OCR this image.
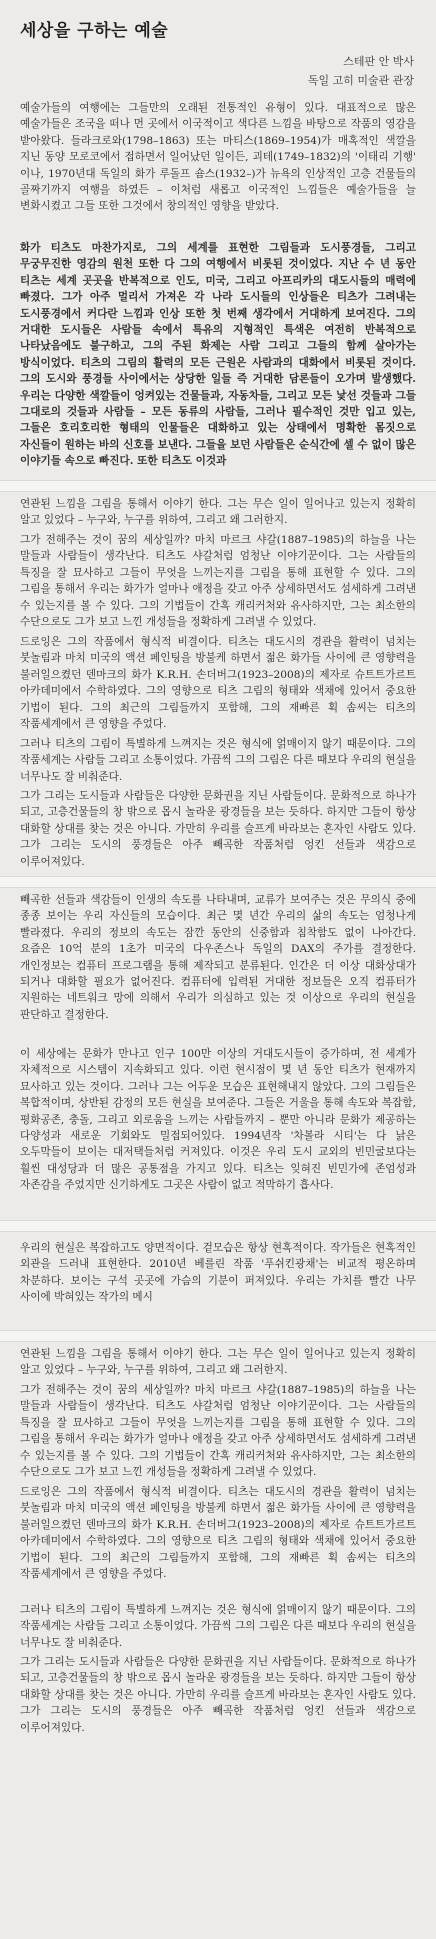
세상을 구하는 예술
스테판 안 박사
독일 고히 미술관 관장
예술가들의 여행에는 그들만의 오래된 전통적인 유형이 있다. 대표적으로 많은 예술가들은 조국을 떠나 먼 곳에서 이국적이고 색다른 느낌을 바탕으로 작품의 영감을 받아왔다. 들라크로와(1798–1863) 또는 마티스(1869–1954)가 매혹적인 색깔을 지닌 동양 모로코에서 접하면서 일어났던 일이든, 괴테(1749–1832)의 '이태리 기행' 이나, 1970년대 독일의 화가 루돌프 숌스(1932–)가 뉴욕의 인상적인 고층 건물들의 골짜기까지 여행을 하였든 – 이처럼 새롭고 이국적인 느낌들은 예술가들을 늘 변화시켰고 그들 또한 그것에서 창의적인 영향을 받았다.
화가 티츠도 마찬가지로, 그의 세계를 표현한 그림들과 도시풍경들, 그리고 무궁무진한 영감의 원천 또한 다 그의 여행에서 비롯된 것이었다. 지난 수 년 동안 티츠는 세계 곳곳을 반복적으로 인도, 미국, 그리고 아프리카의 대도시들의 매력에 빠졌다. 그가 아주 멀리서 가져온 각 나라 도시들의 인상들은 티츠가 그려내는 도시풍경에서 커다란 느낌과 인상 또한 첫 번째 생각에서 거대하게 보여진다. 그의 거대한 도시들은 사람들 속에서 특유의 지형적인 특색은 여전히 반복적으로 나타났음에도 불구하고, 그의 주된 화제는 사람 그리고 그들의 함께 살아가는 방식이었다. 티츠의 그림의 활력의 모든 근원은 사람과의 대화에서 비롯된 것이다. 그의 도시와 풍경들 사이에서는 상당한 일들 즉 거대한 담론들이 오가며 발생했다. 우리는 다양한 색깔들이 엉켜있는 건물들과, 자동차들, 그리고 모든 낯선 것들과 그들 그대로의 것들과 사람들 – 모든 동류의 사람들, 그러나 필수적인 것만 입고 있는, 그들은 호리호리한 형태의 인물들은 대화하고 있는 상태에서 명확한 몸짓으로 자신들이 원하는 바의 신호를 보낸다. 그들을 보던 사람들은 순식간에 셀 수 없이 많은 이야기들 속으로 빠진다. 또한 티츠도 이것과
연관된 느낌을 그림을 통해서 이야기 한다. 그는 무슨 일이 일어나고 있는지 정확히 알고 있었다 – 누구와, 누구를 위하여, 그리고 왜 그러한지.
그가 전해주는 것이 꿈의 세상일까? 마치 마르크 샤갈(1887–1985)의 하늘을 나는 말들과 사람들이 생각난다. 티츠도 샤갈처럼 엄청난 이야기꾼이다. 그는 사람들의 특징을 잘 묘사하고 그들이 무엇을 느끼는지를 그림을 통해 표현할 수 있다. 그의 그림을 통해서 우리는 화가가 얼마나 애정을 갖고 아주 상세하면서도 섬세하게 그려낸 수 있는지를 볼 수 있다. 그의 기법들이 간혹 캐리커처와 유사하지만, 그는 최소한의 수단으로도 그가 보고 느낀 개성들을 정확하게 그려낼 수 있었다.
드로잉은 그의 작품에서 형식적 비결이다. 티츠는 대도시의 경관을 활력이 넘치는 붓놀림과 마치 미국의 액션 페인팅을 방불케 하면서 젊은 화가들 사이에 큰 영향력을 불러일으켰던 덴마크의 화가 K.R.H. 손더버그(1923–2008)의 제자로 슈트트가르트 아카데미에서 수학하였다. 그의 영향으로 티츠 그림의 형태와 색채에 있어서 중요한 기법이 된다. 그의 최근의 그림들까지 포함해, 그의 재빠른 획 솜씨는 티츠의 작품세계에서 큰 영향을 주었다.
그러나 티츠의 그림이 특별하게 느껴지는 것은 형식에 얽매이지 않기 때문이다. 그의 작품세계는 사람들 그리고 소통이었다. 가끔씩 그의 그림은 다른 때보다 우리의 현실을 너무나도 잘 비춰준다.
그가 그리는 도시들과 사람들은 다양한 문화권을 지닌 사람들이다. 문화적으로 하나가 되고, 고층건물들의 창 밖으로 몹시 놀라운 광경들을 보는 듯하다. 하지만 그들이 항상 대화할 상대를 찾는 것은 아니다. 가만히 우리를 슬프게 바라보는 혼자인 사람도 있다. 그가 그리는 도시의 풍경들은 아주 빼곡한 작품처럼 엉킨 선들과 색감으로 이루어져있다.
빼곡한 선들과 색감들이 인생의 속도를 나타내며, 교류가 보여주는 것은 무의식 중에 종종 보이는 우리 자신들의 모습이다. 최근 몇 년간 우리의 삶의 속도는 엄청나게 빨라졌다. 우리의 정보의 속도는 잠깐 동안의 신중함과 침착함도 없이 나아간다. 요즘은 10억 분의 1초가 미국의 다우존스나 독일의 DAX의 주가를 결정한다. 개인정보는 컴퓨터 프로그램을 통해 제작되고 분류된다. 인간은 더 이상 대화상대가 되거나 대화할 필요가 없어진다. 컴퓨터에 입력된 거대한 정보들은 오직 컴퓨터가 지원하는 네트워크 망에 의해서 우리가 의심하고 있는 것 이상으로 우리의 현실을 판단하고 결정한다.
이 세상에는 문화가 만나고 인구 100만 이상의 거대도시들이 증가하며, 전 세계가 자체적으로 시스템이 지속화되고 있다. 이런 현시점이 몇 년 동안 티츠가 현재까지 묘사하고 있는 것이다. 그러나 그는 어두운 모습은 표현해내지 않았다. 그의 그림들은 복합적이며, 상반된 감정의 모든 현실을 보여준다. 그들은 거울을 통해 속도와 복잡함, 평화공존, 충돌, 그리고 외로움을 느끼는 사람들까지 – 뿐만 아니라 문화가 제공하는 다양성과 새로운 기회와도 밀접되어있다. 1994년작 '차볼라 시티'는 다 낡은 오두막들이 보이는 대저택들처럼 커져있다. 이것은 우리 도시 교외의 빈민굴보다는 훨씬 대성당과 더 많은 공통점을 가지고 있다. 티츠는 잊혀진 빈민가에 존엄성과 자존감을 주었지만 신기하게도 그곳은 사람이 없고 적막하기 흡사다.
우리의 현실은 복잡하고도 양면적이다. 겉모습은 항상 현혹적이다. 작가들은 현혹적인 외관을 드러내 표현한다. 2010년 베를린 작품 '푸쉬킨광채'는 비교적 평온하며 차분하다. 보이는 구석 곳곳에 가슴의 기분이 퍼져있다. 우리는 가치를 빨간 나무 사이에 박혀있는 작가의 메시
연관된 느낌을 그림을 통해서 이야기 한다. 그는 무슨 일이 일어나고 있는지 정확히 알고 있었다 – 누구와, 누구를 위하여, 그리고 왜 그러한지.
그가 전해주는 것이 꿈의 세상일까? 마치 마르크 샤갈(1887–1985)의 하늘을 나는 말들과 사람들이 생각난다. 티츠도 샤갈처럼 엄청난 이야기꾼이다. 그는 사람들의 특징을 잘 묘사하고 그들이 무엇을 느끼는지를 그림을 통해 표현할 수 있다. 그의 그림을 통해서 우리는 화가가 얼마나 애정을 갖고 아주 상세하면서도 섬세하게 그려낸 수 있는지를 볼 수 있다. 그의 기법들이 간혹 캐리커처와 유사하지만, 그는 최소한의 수단으로도 그가 보고 느낀 개성들을 정확하게 그려낼 수 있었다.
드로잉은 그의 작품에서 형식적 비결이다. 티츠는 대도시의 경관을 활력이 넘치는 붓놀림과 마치 미국의 액션 페인팅을 방불케 하면서 젊은 화가들 사이에 큰 영향력을 불러일으켰던 덴마크의 화가 K.R.H. 손더버그(1923–2008)의 제자로 슈트트가르트 아카데미에서 수학하였다. 그의 영향으로 티츠 그림의 형태와 색채에 있어서 중요한 기법이 된다. 그의 최근의 그림들까지 포함해, 그의 재빠른 획 솜씨는 티츠의 작품세계에서 큰 영향을 주었다.
그러나 티츠의 그림이 특별하게 느껴지는 것은 형식에 얽매이지 않기 때문이다. 그의 작품세계는 사람들 그리고 소통이었다. 가끔씩 그의 그림은 다른 때보다 우리의 현실을 너무나도 잘 비춰준다.
그가 그리는 도시들과 사람들은 다양한 문화권을 지닌 사람들이다. 문화적으로 하나가 되고, 고층건물들의 창 밖으로 몹시 놀라운 광경들을 보는 듯하다. 하지만 그들이 항상 대화할 상대를 찾는 것은 아니다. 가만히 우리를 슬프게 바라보는 혼자인 사람도 있다. 그가 그리는 도시의 풍경들은 아주 빼곡한 작품처럼 엉킨 선들과 색감으로 이루어져있다.
